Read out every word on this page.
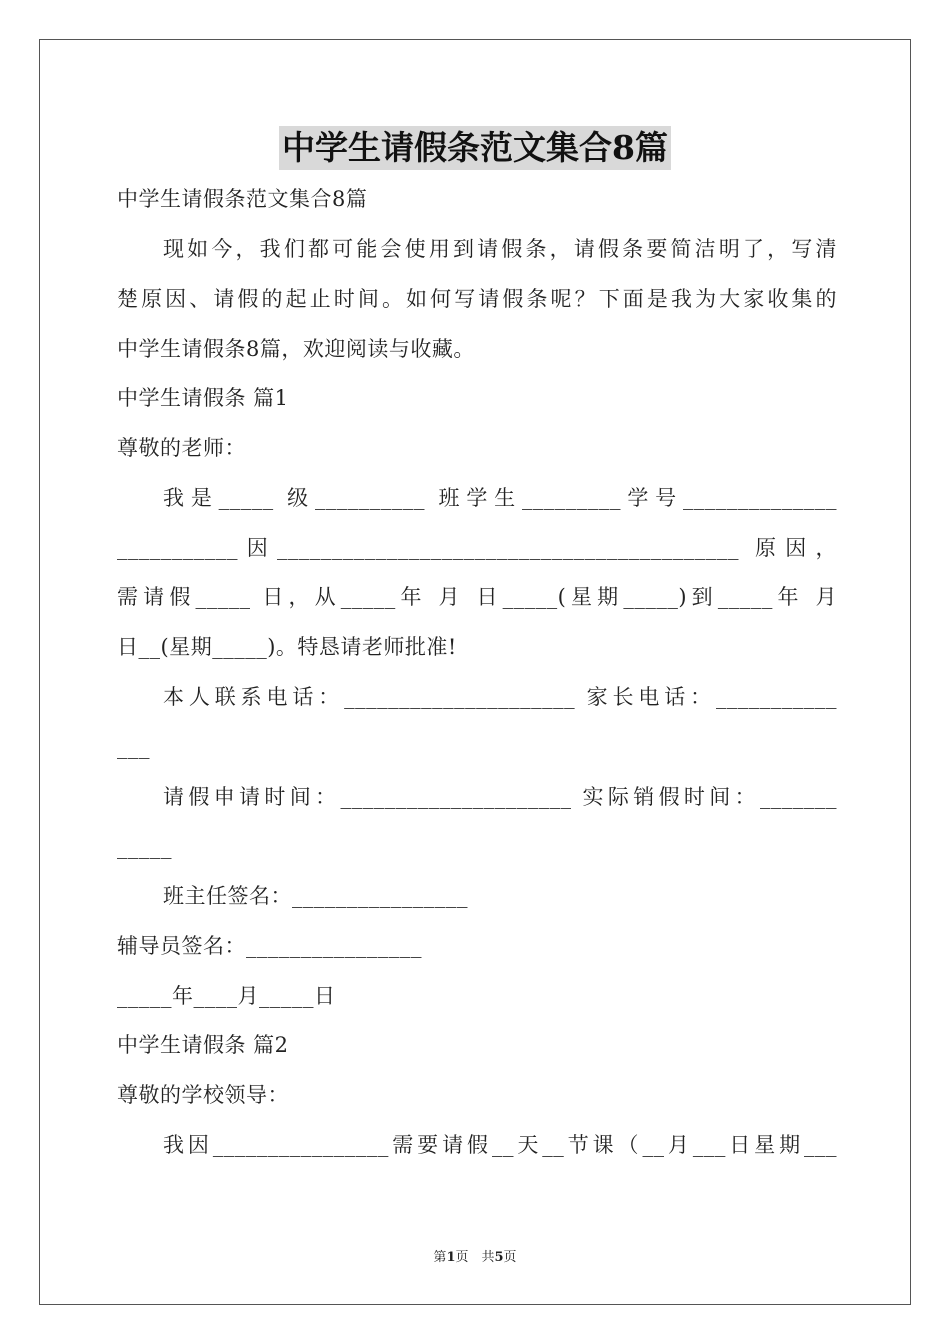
中学生请假条范文集合8篇
中学生请假条范文集合8篇
现如今，我们都可能会使用到请假条，请假条要简洁明了，写清
楚原因、请假的起止时间。如何写请假条呢？下面是我为大家收集的
中学生请假条8篇，欢迎阅读与收藏。
中学生请假条 篇1
尊敬的老师：
我是_____ 级__________ 班学生_________学号______________
___________因__________________________________________ 原因，
需请假_____ 日，从_____年 月 日_____(星期_____)到_____年 月
日__(星期_____)。特恳请老师批准!
本人联系电话：_____________________ 家长电话：___________
___
请假申请时间：_____________________ 实际销假时间：_______
_____
班主任签名：________________
辅导员签名：________________
_____年____月_____日
中学生请假条 篇2
尊敬的学校领导：
我因________________需要请假__天__节课（__月___日星期___
第1页　共5页
